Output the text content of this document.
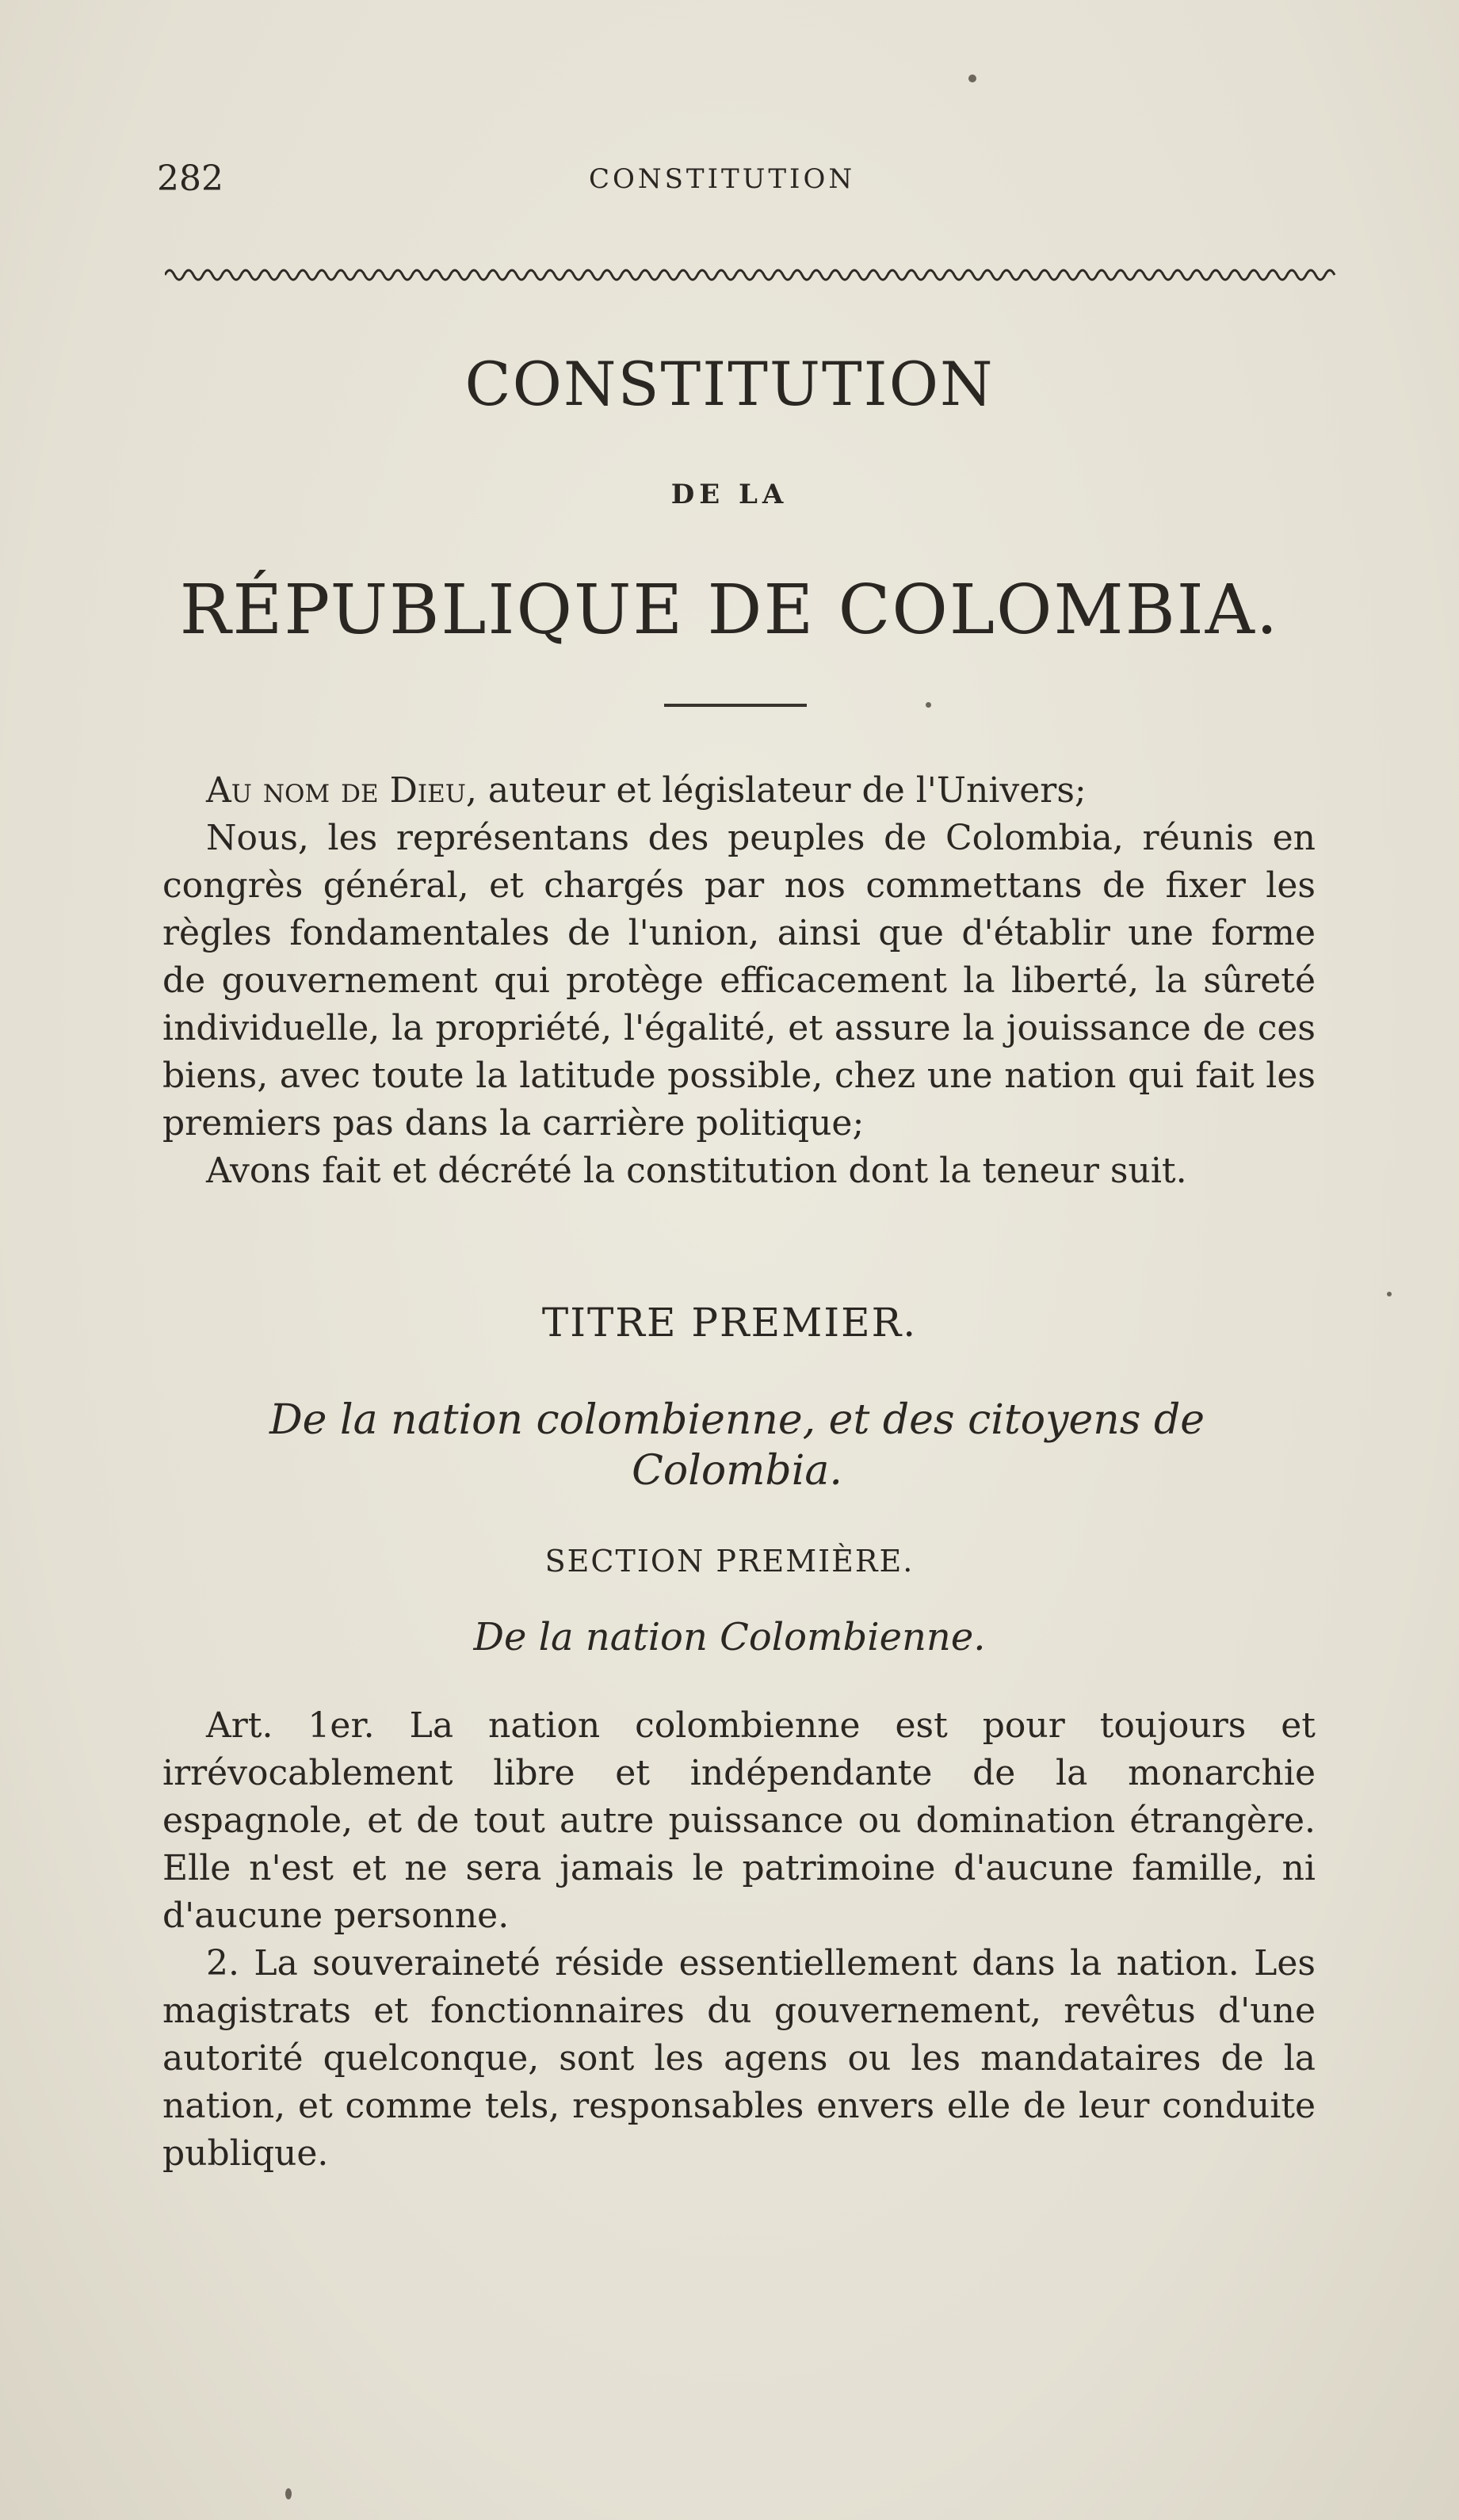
282	CONSTITUTION
CONSTITUTION
DE LA
RÉPUBLIQUE DE COLOMBIA.

Au nom de Dieu, auteur et législateur de l'Univers;

Nous, les représentans des peuples de Colombia, réunis en congrès général, et chargés par nos commettans de fixer les règles fondamentales de l'union, ainsi que d'établir une forme de gouvernement qui protège efficacement la liberté, la sûreté individuelle, la propriété, l'égalité, et assure la jouissance de ces biens, avec toute la latitude possible, chez une nation qui fait les premiers pas dans la carrière politique;

Avons fait et décrété la constitution dont la teneur suit.

TITRE PREMIER.
De la nation colombienne, et des citoyens de Colombia.
SECTION PREMIÈRE.
De la nation Colombienne.

Art. 1er. La nation colombienne est pour toujours et irrévocablement libre et indépendante de la monarchie espagnole, et de tout autre puissance ou domination étrangère. Elle n'est et ne sera jamais le patrimoine d'aucune famille, ni d'aucune personne.

2. La souveraineté réside essentiellement dans la nation. Les magistrats et fonctionnaires du gouvernement, revêtus d'une autorité quelconque, sont les agens ou les mandataires de la nation, et comme tels, responsables envers elle de leur conduite publique.
